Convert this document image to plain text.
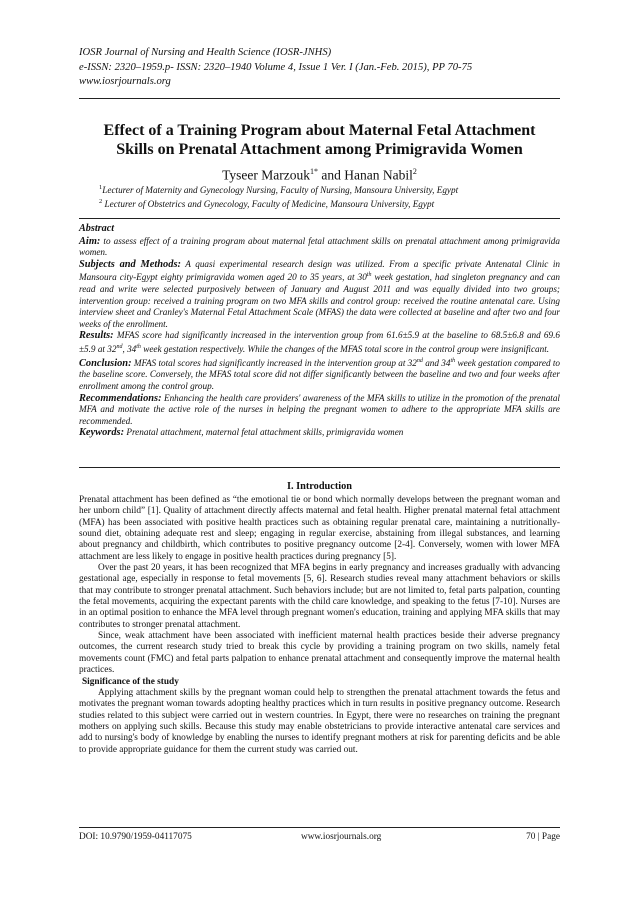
IOSR Journal of Nursing and Health Science (IOSR-JNHS)
e-ISSN: 2320–1959.p- ISSN: 2320–1940 Volume 4, Issue 1 Ver. I (Jan.-Feb. 2015), PP 70-75
www.iosrjournals.org
Effect of a Training Program about Maternal Fetal Attachment
Skills on Prenatal Attachment among Primigravida Women
Tyseer Marzouk$^{1*}$ and Hanan Nabil$^2$
$^1$Lecturer of Maternity and Gynecology Nursing, Faculty of Nursing, Mansoura University, Egypt
$^2$ Lecturer of Obstetrics and Gynecology, Faculty of Medicine, Mansoura University, Egypt
Abstract

Aim: to assess effect of a training program about maternal fetal attachment skills on prenatal attachment among primigravida women.

Subjects and Methods: A quasi experimental research design was utilized. From a specific private Antenatal Clinic in Mansoura city-Egypt eighty primigravida women aged 20 to 35 years, at 30th week gestation, had singleton pregnancy and can read and write were selected purposively between of January and August 2011 and was equally divided into two groups; intervention group: received a training program on two MFA skills and control group: received the routine antenatal care. Using interview sheet and Cranley's Maternal Fetal Attachment Scale (MFAS) the data were collected at baseline and after two and four weeks of the enrollment.

Results: MFAS score had significantly increased in the intervention group from 61.6±5.9 at the baseline to 68.5±6.8 and 69.6 ±5.9 at 32nd, 34th week gestation respectively. While the changes of the MFAS total score in the control group were insignificant.

Conclusion: MFAS total scores had significantly increased in the intervention group at 32nd and 34th week gestation compared to the baseline score. Conversely, the MFAS total score did not differ significantly between the baseline and two and four weeks after enrollment among the control group.

Recommendations: Enhancing the health care providers' awareness of the MFA skills to utilize in the promotion of the prenatal MFA and motivate the active role of the nurses in helping the pregnant women to adhere to the appropriate MFA skills are recommended.

Keywords: Prenatal attachment, maternal fetal attachment skills, primigravida women

I. Introduction

Prenatal attachment has been defined as “the emotional tie or bond which normally develops between the pregnant woman and her unborn child” [1]. Quality of attachment directly affects maternal and fetal health. Higher prenatal maternal fetal attachment (MFA) has been associated with positive health practices such as obtaining regular prenatal care, maintaining a nutritionally-sound diet, obtaining adequate rest and sleep; engaging in regular exercise, abstaining from illegal substances, and learning about pregnancy and childbirth, which contributes to positive pregnancy outcome [2-4]. Conversely, women with lower MFA attachment are less likely to engage in positive health practices during pregnancy [5].

Over the past 20 years, it has been recognized that MFA begins in early pregnancy and increases gradually with advancing gestational age, especially in response to fetal movements [5, 6]. Research studies reveal many attachment behaviors or skills that may contribute to stronger prenatal attachment. Such behaviors include; but are not limited to, fetal parts palpation, counting the fetal movements, acquiring the expectant parents with the child care knowledge, and speaking to the fetus [7-10]. Nurses are in an optimal position to enhance the MFA level through pregnant women's education, training and applying MFA skills that may contributes to stronger prenatal attachment.

Since, weak attachment have been associated with inefficient maternal health practices beside their adverse pregnancy outcomes, the current research study tried to break this cycle by providing a training program on two skills, namely fetal movements count (FMC) and fetal parts palpation to enhance prenatal attachment and consequently improve the maternal health practices.

Significance of the study

Applying attachment skills by the pregnant woman could help to strengthen the prenatal attachment towards the fetus and motivates the pregnant woman towards adopting healthy practices which in turn results in positive pregnancy outcome. Research studies related to this subject were carried out in western countries. In Egypt, there were no researches on training the pregnant mothers on applying such skills. Because this study may enable obstetricians to provide interactive antenatal care services and add to nursing's body of knowledge by enabling the nurses to identify pregnant mothers at risk for parenting deficits and be able to provide appropriate guidance for them the current study was carried out.

DOI: 10.9790/1959-04117075	www.iosrjournals.org	70 | Page
